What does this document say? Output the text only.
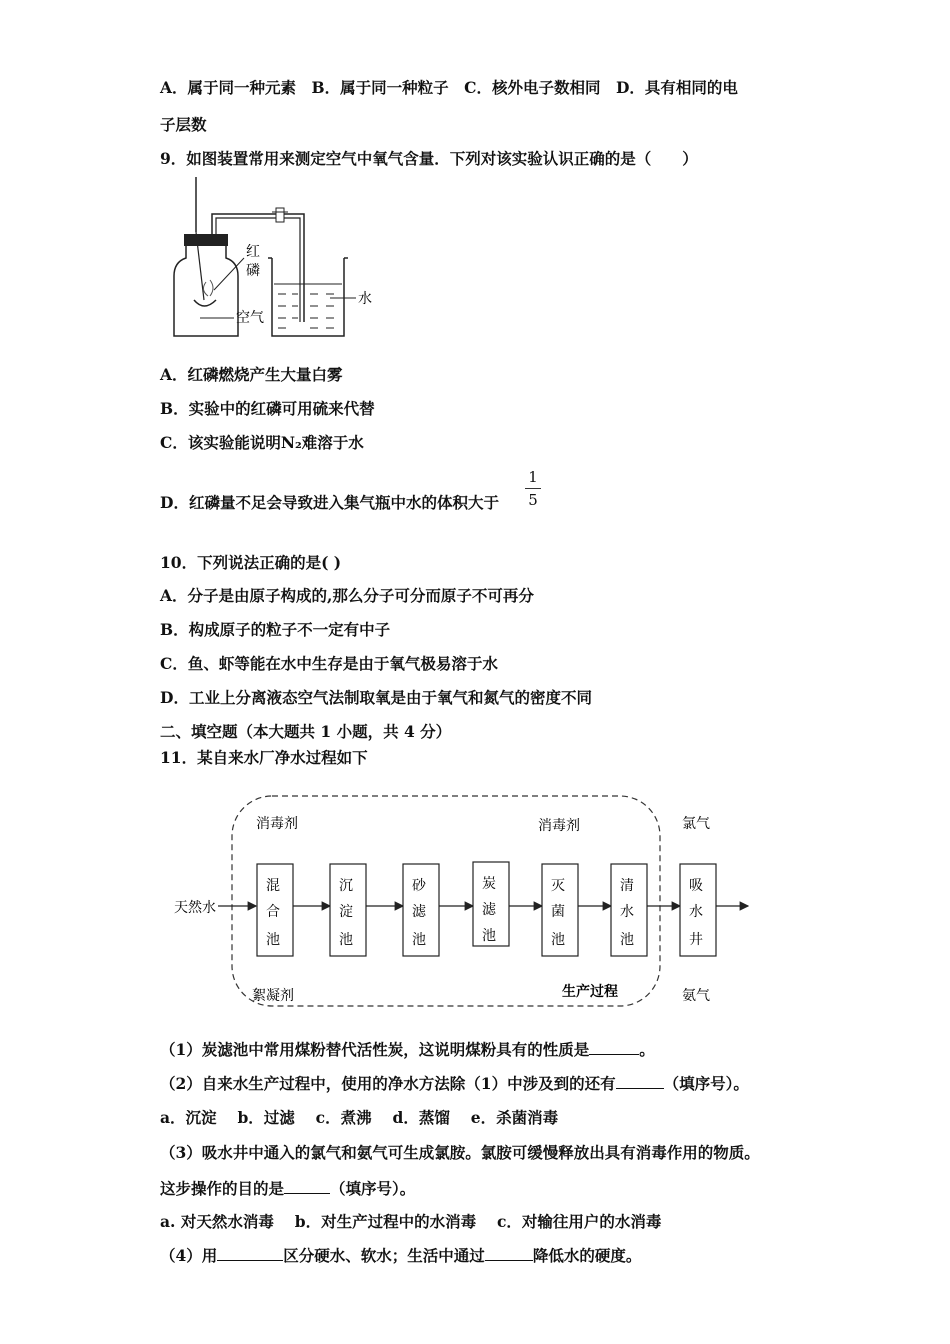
A．属于同一种元素　B．属于同一种粒子　C．核外电子数相同　D．具有相同的电
子层数
9．如图装置常用来测定空气中氧气含量．下列对该实验认识正确的是（　　）
红
磷
空气
水
A．红磷燃烧产生大量白雾
B．实验中的红磷可用硫来代替
C．该实验能说明N₂难溶于水
D．红磷量不足会导致进入集气瓶中水的体积大于
1
5
10．下列说法正确的是( )
A．分子是由原子构成的,那么分子可分而原子不可再分
B．构成原子的粒子不一定有中子
C．鱼、虾等能在水中生存是由于氧气极易溶于水
D．工业上分离液态空气法制取氧是由于氧气和氮气的密度不同
二、填空题（本大题共 1 小题，共 4 分）
11．某自来水厂净水过程如下
消毒剂	消毒剂	氯气
氨气
絮凝剂	生产过程
天然水
混
合
池
沉
淀
池
砂
滤
池
炭
滤
池
灭
菌
池
清
水
池
吸
水
井
（1）炭滤池中常用煤粉替代活性炭，这说明煤粉具有的性质是	。
（2）自来水生产过程中，使用的净水方法除（1）中涉及到的还有	（填序号）。
a．沉淀　 b．过滤　 c．煮沸　 d．蒸馏　 e．杀菌消毒
（3）吸水井中通入的氯气和氨气可生成氯胺。氯胺可缓慢释放出具有消毒作用的物质。
这步操作的目的是	（填序号）。
a. 对天然水消毒　 b．对生产过程中的水消毒　 c．对输往用户的水消毒
（4）用	区分硬水、软水；生活中通过	降低水的硬度。
